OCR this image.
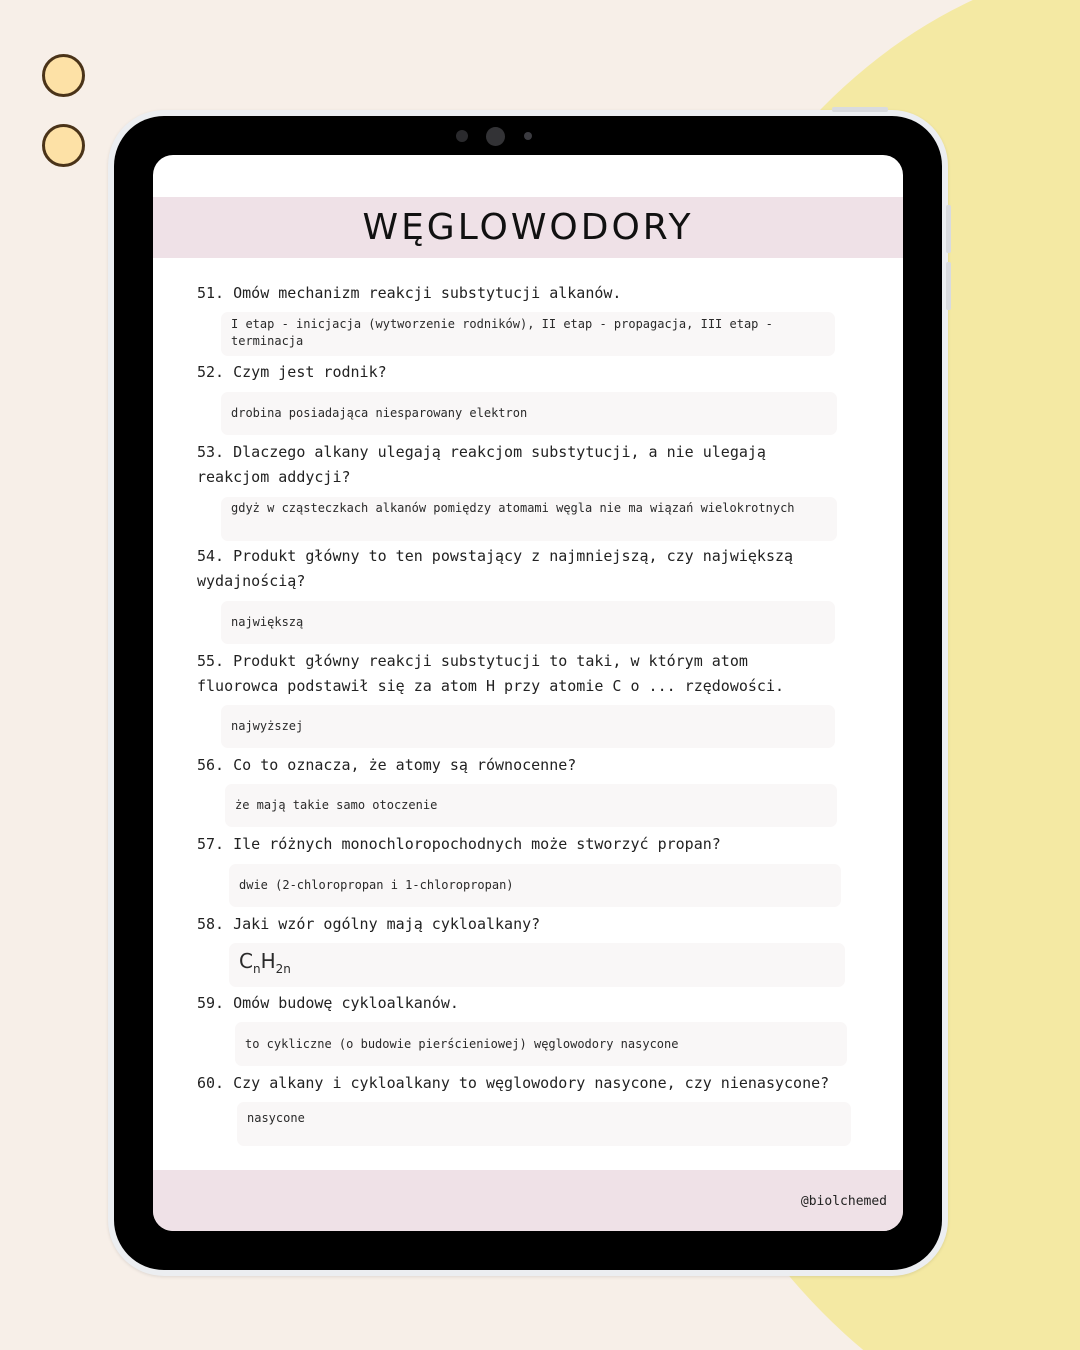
WĘGLOWODORY
51. Omów mechanizm reakcji substytucji alkanów.
I etap - inicjacja (wytworzenie rodników), II etap - propagacja, III etap - terminacja
52. Czym jest rodnik?
drobina posiadająca niesparowany elektron
53. Dlaczego alkany ulegają reakcjom substytucji, a nie ulegają reakcjom addycji?
gdyż w cząsteczkach alkanów pomiędzy atomami węgla nie ma wiązań wielokrotnych
54. Produkt główny to ten powstający z najmniejszą, czy największą wydajnością?
największą
55. Produkt główny reakcji substytucji to taki, w którym atom fluorowca podstawił się za atom H przy atomie C o ... rzędowości.
najwyższej
56. Co to oznacza, że atomy są równocenne?
że mają takie samo otoczenie
57. Ile różnych monochloropochodnych może stworzyć propan?
dwie (2-chloropropan i 1-chloropropan)
58. Jaki wzór ogólny mają cykloalkany?
$C_n$ $H_{2n}$
59. Omów budowę cykloalkanów.
to cykliczne (o budowie pierścieniowej) węglowodory nasycone
60. Czy alkany i cykloalkany to węglowodory nasycone, czy nienasycone?
nasycone
@biolchemed
